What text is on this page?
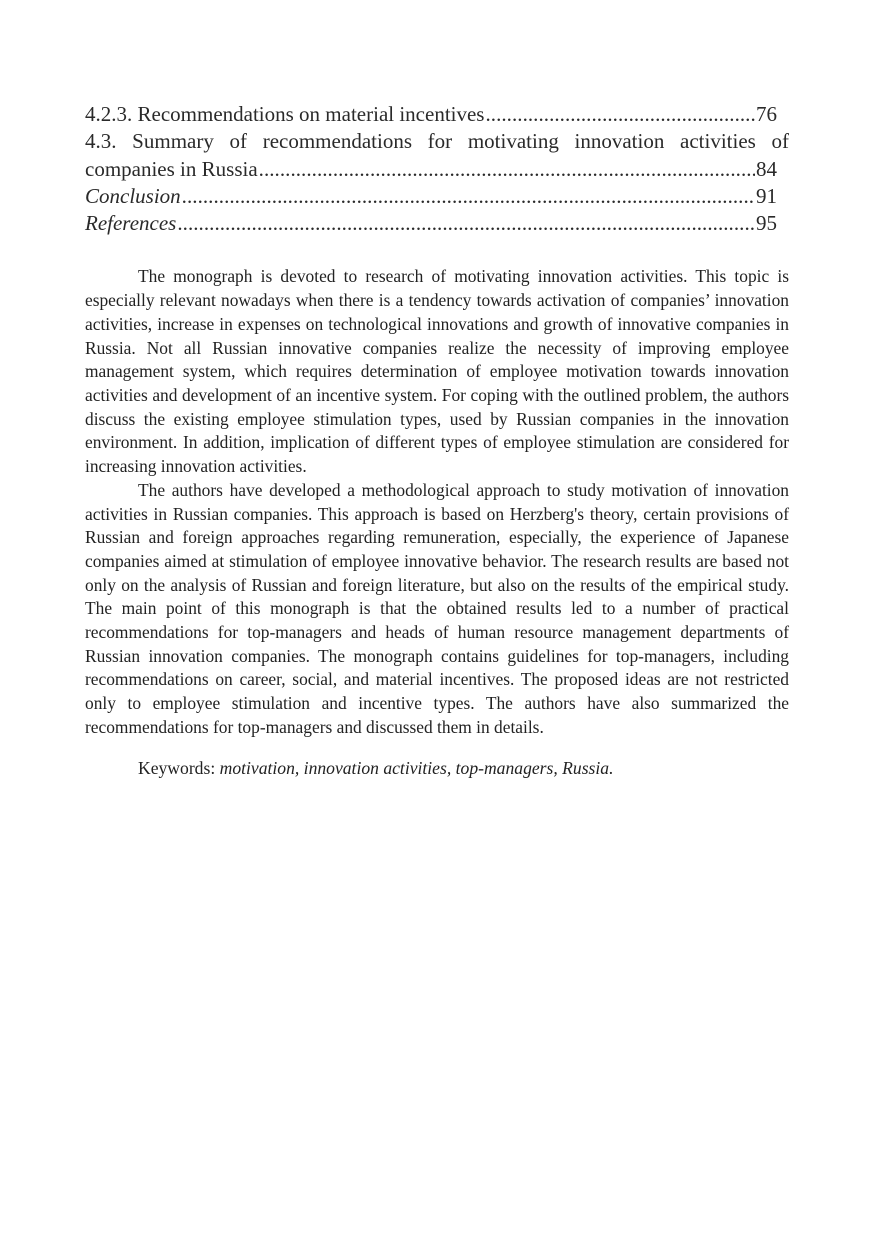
4.2.3. Recommendations on material incentives . . .	76
4.3. Summary of recommendations for motivating innovation activities of
companies in Russia . . .	84
Conclusion . . .	91
References . . .	95

The monograph is devoted to research of motivating innovation activities. This topic is especially relevant nowadays when there is a tendency towards activation of companies’ innovation activities, increase in expenses on technological innovations and growth of innovative companies in Russia. Not all Russian innovative companies realize the necessity of improving employee management system, which requires determination of employee motivation towards innovation activities and development of an incentive system. For coping with the outlined problem, the authors discuss the existing employee stimulation types, used by Russian companies in the innovation environment. In addition, implication of different types of employee stimulation are considered for increasing innovation activities.

The authors have developed a methodological approach to study motivation of innovation activities in Russian companies. This approach is based on Herzberg's theory, certain provisions of Russian and foreign approaches regarding remuneration, especially, the experience of Japanese companies aimed at stimulation of employee innovative behavior. The research results are based not only on the analysis of Russian and foreign literature, but also on the results of the empirical study. The main point of this monograph is that the obtained results led to a number of practical recommendations for top-managers and heads of human resource management departments of Russian innovation companies. The monograph contains guidelines for top-managers, including recommendations on career, social, and material incentives. The proposed ideas are not restricted only to employee stimulation and incentive types. The authors have also summarized the recommendations for top-managers and discussed them in details.

Keywords: motivation, innovation activities, top-managers, Russia.
